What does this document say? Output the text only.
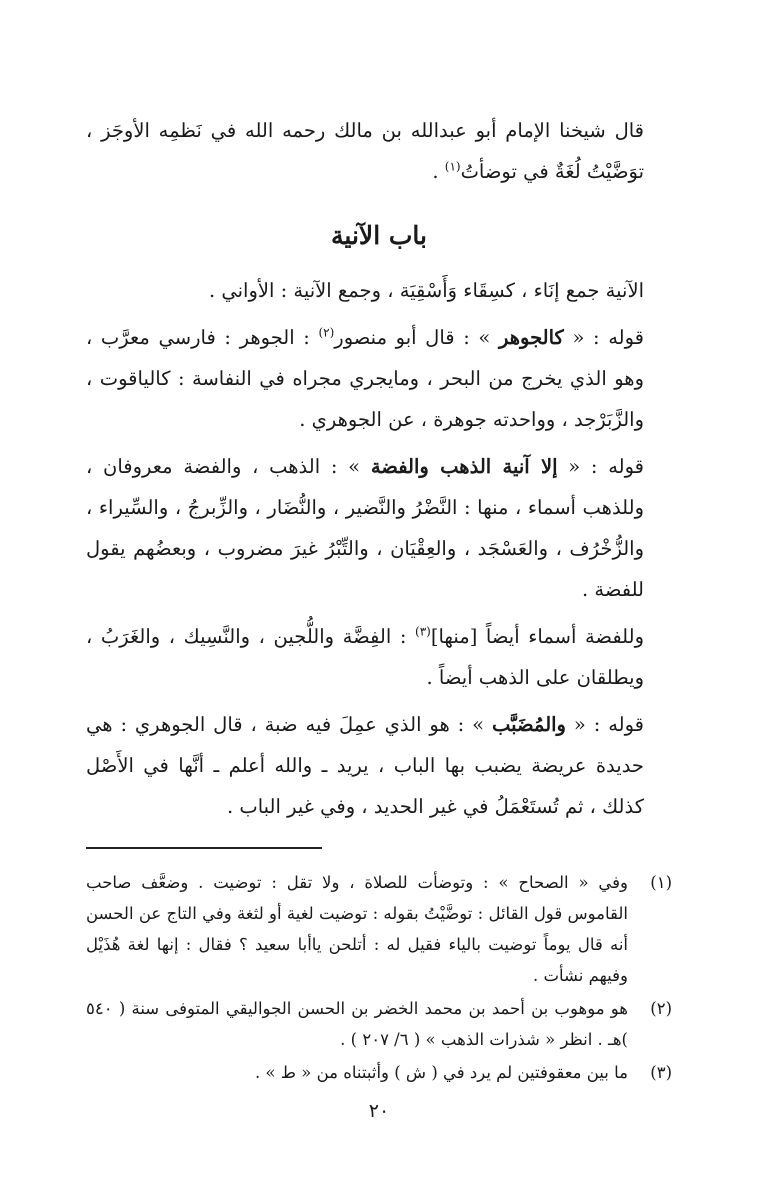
قال شيخنا الإمام أبو عبدالله بن مالك رحمه الله في نَظمِه الأوجَز ، توَضَّيْتُ لُغَةٌ في توضأتُ$^{(١)}$ .

باب الآنية

الآنية جمع إنَاء ، كسِقَاء وَأَسْقِيَة ، وجمع الآنية : الأواني .

قوله : « كالجوهر » : قال أبو منصور$^{(٢)}$ : الجوهر : فارسي معرَّب ، وهو الذي يخرج من البحر ، ومايجري مجراه في النفاسة : كالياقوت ، والزَّبَرْجد ، وواحدته جوهرة ، عن الجوهري .

قوله : « إلا آنية الذهب والفضة » : الذهب ، والفضة معروفان ، وللذهب أسماء ، منها : النَّضْرُ والنَّضير ، والنُّضَار ، والزِّبرجُ ، والسِّيراء ، والزُّخْرُف ، والعَسْجَد ، والعِقْيَان ، والتِّبْرُ غيرَ مضروب ، وبعضُهم يقول للفضة .

وللفضة أسماء أيضاً [منها]$^{(٣)}$ : الفِضَّة واللُّجين ، والنَّسِيك ، والغَرَبُ ، ويطلقان على الذهب أيضاً .

قوله : « والمُضَبَّب » : هو الذي عمِلَ فيه ضبة ، قال الجوهري : هي حديدة عريضة يضبب بها الباب ، يريد ـ والله أعلم ـ أنَّها في الأَصْل كذلك ، ثم تُستَعْمَلُ في غير الحديد ، وفي غير الباب .

(١)
وفي « الصحاح » : وتوضأت للصلاة ، ولا تقل : توضيت . وضعَّف صاحب القاموس قول القائل : توضَّيْتُ بقوله : توضيت لغية أو لثغة وفي التاج عن الحسن أنه قال يوماً توضيت بالياء فقيل له : أتلحن ياأبا سعيد ؟ فقال : إنها لغة هُذَيْل وفيهم نشأت .
(٢)
هو موهوب بن أحمد بن محمد الخضر بن الحسن الجواليقي المتوفى سنة ( ٥٤٠ )هـ . انظر « شذرات الذهب » ( ٦/ ٢٠٧ ) .
(٣)
ما بين معقوفتين لم يرد في ( ش ) وأثبتناه من « ط » .
٢٠
